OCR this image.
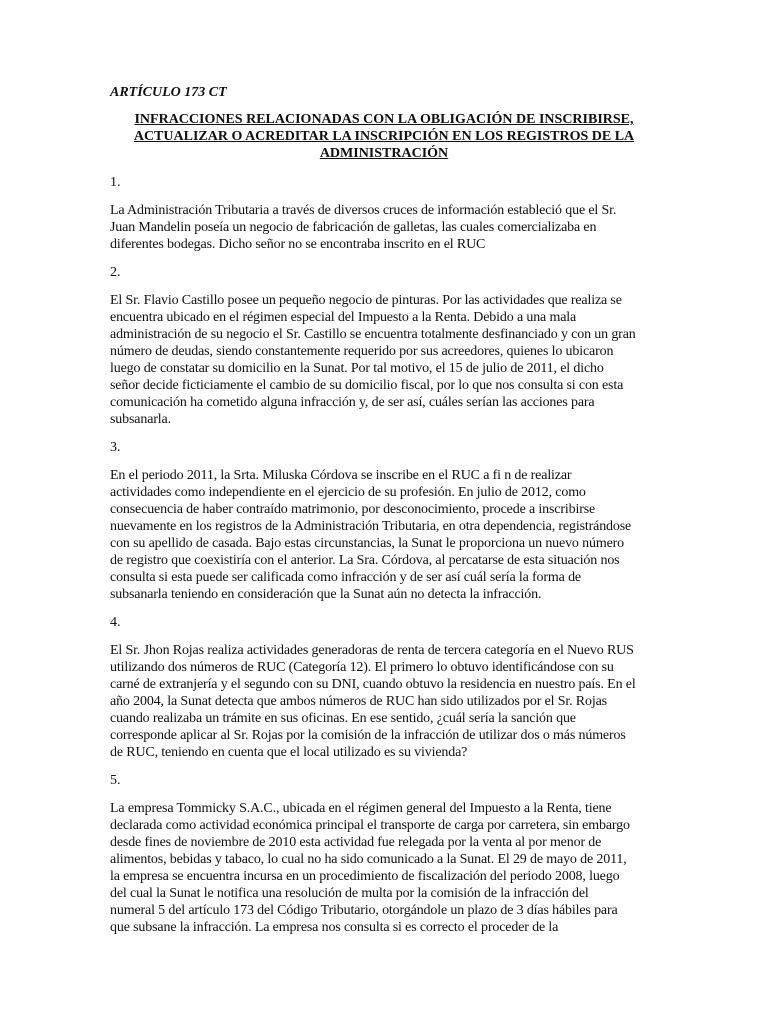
ARTÍCULO 173 CT
INFRACCIONES RELACIONADAS CON LA OBLIGACIÓN DE INSCRIBIRSE,
ACTUALIZAR O ACREDITAR LA INSCRIPCIÓN EN LOS REGISTROS DE LA
ADMINISTRACIÓN
1.
La Administración Tributaria a través de diversos cruces de información estableció que el Sr.
Juan Mandelin poseía un negocio de fabricación de galletas, las cuales comercializaba en
diferentes bodegas. Dicho señor no se encontraba inscrito en el RUC
2.
El Sr. Flavio Castillo posee un pequeño negocio de pinturas. Por las actividades que realiza se
encuentra ubicado en el régimen especial del Impuesto a la Renta. Debido a una mala
administración de su negocio el Sr. Castillo se encuentra totalmente desfinanciado y con un gran
número de deudas, siendo constantemente requerido por sus acreedores, quienes lo ubicaron
luego de constatar su domicilio en la Sunat. Por tal motivo, el 15 de julio de 2011, el dicho
señor decide ficticiamente el cambio de su domicilio fiscal, por lo que nos consulta si con esta
comunicación ha cometido alguna infracción y, de ser así, cuáles serían las acciones para
subsanarla.
3.
En el periodo 2011, la Srta. Miluska Córdova se inscribe en el RUC a fi n de realizar
actividades como independiente en el ejercicio de su profesión. En julio de 2012, como
consecuencia de haber contraído matrimonio, por desconocimiento, procede a inscribirse
nuevamente en los registros de la Administración Tributaria, en otra dependencia, registrándose
con su apellido de casada. Bajo estas circunstancias, la Sunat le proporciona un nuevo número
de registro que coexistiría con el anterior. La Sra. Córdova, al percatarse de esta situación nos
consulta si esta puede ser calificada como infracción y de ser así cuál sería la forma de
subsanarla teniendo en consideración que la Sunat aún no detecta la infracción.
4.
El Sr. Jhon Rojas realiza actividades generadoras de renta de tercera categoría en el Nuevo RUS
utilizando dos números de RUC (Categoría 12). El primero lo obtuvo identificándose con su
carné de extranjería y el segundo con su DNI, cuando obtuvo la residencia en nuestro país. En el
año 2004, la Sunat detecta que ambos números de RUC han sido utilizados por el Sr. Rojas
cuando realizaba un trámite en sus oficinas. En ese sentido, ¿cuál sería la sanción que
corresponde aplicar al Sr. Rojas por la comisión de la infracción de utilizar dos o más números
de RUC, teniendo en cuenta que el local utilizado es su vivienda?
5.
La empresa Tommicky S.A.C., ubicada en el régimen general del Impuesto a la Renta, tiene
declarada como actividad económica principal el transporte de carga por carretera, sin embargo
desde fines de noviembre de 2010 esta actividad fue relegada por la venta al por menor de
alimentos, bebidas y tabaco, lo cual no ha sido comunicado a la Sunat. El 29 de mayo de 2011,
la empresa se encuentra incursa en un procedimiento de fiscalización del periodo 2008, luego
del cual la Sunat le notifica una resolución de multa por la comisión de la infracción del
numeral 5 del artículo 173 del Código Tributario, otorgándole un plazo de 3 días hábiles para
que subsane la infracción. La empresa nos consulta si es correcto el proceder de la
